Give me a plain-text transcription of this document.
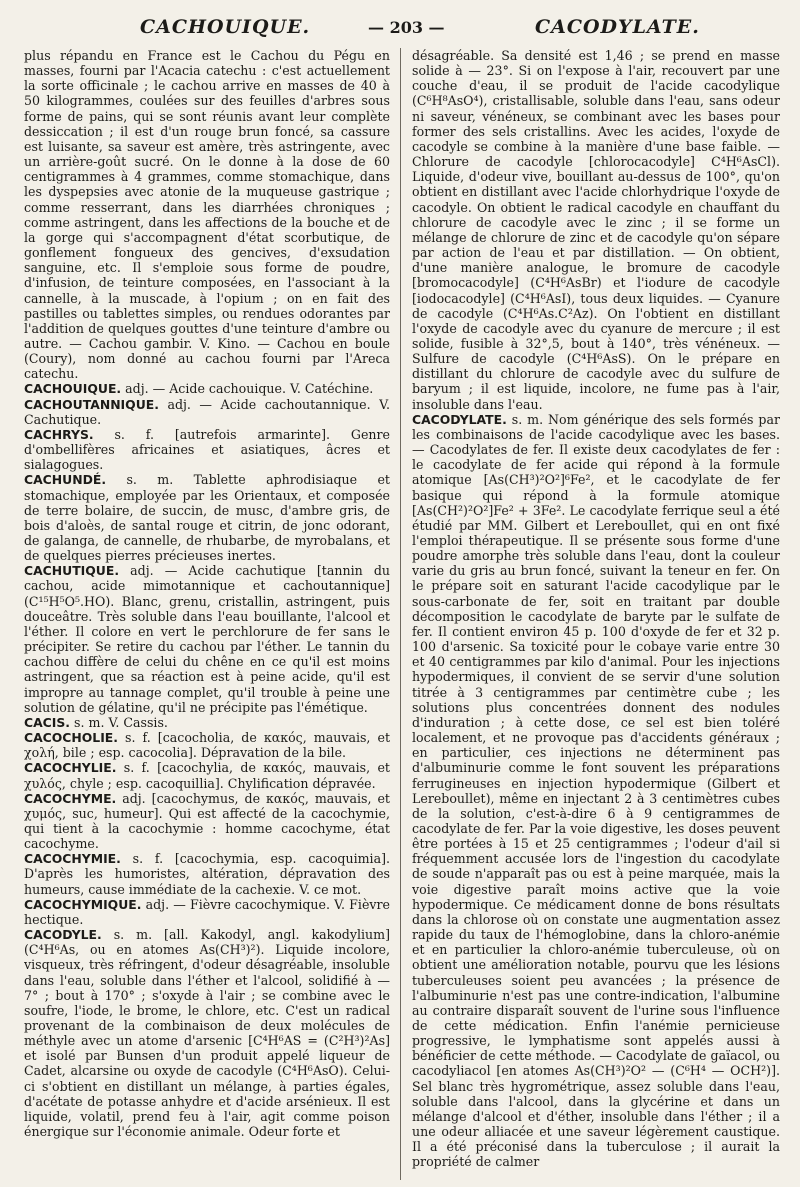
CACHOUIQUE.	— 203 —	CACODYLATE.

plus répandu en France est le Cachou du Pégu en masses, fourni par l'Acacia catechu : c'est actuellement la sorte officinale ; le cachou arrive en masses de 40 à 50 kilogrammes, coulées sur des feuilles d'arbres sous forme de pains, qui se sont réunis avant leur complète dessiccation ; il est d'un rouge brun foncé, sa cassure est luisante, sa saveur est amère, très astringente, avec un arrière-goût sucré. On le donne à la dose de 60 centigrammes à 4 grammes, comme stomachique, dans les dyspepsies avec atonie de la muqueuse gastrique ; comme resserrant, dans les diarrhées chroniques ; comme astringent, dans les affections de la bouche et de la gorge qui s'accompagnent d'état scorbutique, de gonflement fongueux des gencives, d'exsudation sanguine, etc. Il s'emploie sous forme de poudre, d'infusion, de teinture composées, en l'associant à la cannelle, à la muscade, à l'opium ; on en fait des pastilles ou tablettes simples, ou rendues odorantes par l'addition de quelques gouttes d'une teinture d'ambre ou autre. — Cachou gambir. V. Kino. — Cachou en boule (Coury), nom donné au cachou fourni par l'Areca catechu.

CACHOUIQUE. adj. — Acide cachouique. V. Catéchine.

CACHOUTANNIQUE. adj. — Acide cachoutannique. V. Cachutique.

CACHRYS. s. f. [autrefois armarinte]. Genre d'ombellifères africaines et asiatiques, âcres et sialagogues.

CACHUNDÉ. s. m. Tablette aphrodisiaque et stomachique, employée par les Orientaux, et composée de terre bolaire, de succin, de musc, d'ambre gris, de bois d'aloès, de santal rouge et citrin, de jonc odorant, de galanga, de cannelle, de rhubarbe, de myrobalans, et de quelques pierres précieuses inertes.

CACHUTIQUE. adj. — Acide cachutique [tannin du cachou, acide mimotannique et cachoutannique] (C¹⁵H⁵O⁵.HO). Blanc, grenu, cristallin, astringent, puis douceâtre. Très soluble dans l'eau bouillante, l'alcool et l'éther. Il colore en vert le perchlorure de fer sans le précipiter. Se retire du cachou par l'éther. Le tannin du cachou diffère de celui du chêne en ce qu'il est moins astringent, que sa réaction est à peine acide, qu'il est impropre au tannage complet, qu'il trouble à peine une solution de gélatine, qu'il ne précipite pas l'émétique.

CACIS. s. m. V. Cassis.

CACOCHOLIE. s. f. [cacocholia, de κακός, mauvais, et χολή, bile ; esp. cacocolia]. Dépravation de la bile.

CACOCHYLIE. s. f. [cacochylia, de κακός, mauvais, et χυλός, chyle ; esp. cacoquillia]. Chylification dépravée.

CACOCHYME. adj. [cacochymus, de κακός, mauvais, et χυμός, suc, humeur]. Qui est affecté de la cacochymie, qui tient à la cacochymie : homme cacochyme, état cacochyme.

CACOCHYMIE. s. f. [cacochymia, esp. cacoquimia]. D'après les humoristes, altération, dépravation des humeurs, cause immédiate de la cachexie. V. ce mot.

CACOCHYMIQUE. adj. — Fièvre cacochymique. V. Fièvre hectique.

CACODYLE. s. m. [all. Kakodyl, angl. kakodylium] (C⁴H⁶As, ou en atomes As(CH³)²). Liquide incolore, visqueux, très réfringent, d'odeur désagréable, insoluble dans l'eau, soluble dans l'éther et l'alcool, solidifié à — 7° ; bout à 170° ; s'oxyde à l'air ; se combine avec le soufre, l'iode, le brome, le chlore, etc. C'est un radical provenant de la combinaison de deux molécules de méthyle avec un atome d'arsenic [C⁴H⁶AS = (C²H³)²As] et isolé par Bunsen d'un produit appelé liqueur de Cadet, alcarsine ou oxyde de cacodyle (C⁴H⁶AsO). Celui-ci s'obtient en distillant un mélange, à parties égales, d'acétate de potasse anhydre et d'acide arsénieux. Il est liquide, volatil, prend feu à l'air, agit comme poison énergique sur l'économie animale. Odeur forte et

désagréable. Sa densité est 1,46 ; se prend en masse solide à — 23°. Si on l'expose à l'air, recouvert par une couche d'eau, il se produit de l'acide cacodylique (C⁶H⁸AsO⁴), cristallisable, soluble dans l'eau, sans odeur ni saveur, vénéneux, se combinant avec les bases pour former des sels cristallins. Avec les acides, l'oxyde de cacodyle se combine à la manière d'une base faible. — Chlorure de cacodyle [chlorocacodyle] C⁴H⁶AsCl). Liquide, d'odeur vive, bouillant au-dessus de 100°, qu'on obtient en distillant avec l'acide chlorhydrique l'oxyde de cacodyle. On obtient le radical cacodyle en chauffant du chlorure de cacodyle avec le zinc ; il se forme un mélange de chlorure de zinc et de cacodyle qu'on sépare par action de l'eau et par distillation. — On obtient, d'une manière analogue, le bromure de cacodyle [bromocacodyle] (C⁴H⁶AsBr) et l'iodure de cacodyle [iodocacodyle] (C⁴H⁶AsI), tous deux liquides. — Cyanure de cacodyle (C⁴H⁶As.C²Az). On l'obtient en distillant l'oxyde de cacodyle avec du cyanure de mercure ; il est solide, fusible à 32°,5, bout à 140°, très vénéneux. — Sulfure de cacodyle (C⁴H⁶AsS). On le prépare en distillant du chlorure de cacodyle avec du sulfure de baryum ; il est liquide, incolore, ne fume pas à l'air, insoluble dans l'eau.

CACODYLATE. s. m. Nom générique des sels formés par les combinaisons de l'acide cacodylique avec les bases. — Cacodylates de fer. Il existe deux cacodylates de fer : le cacodylate de fer acide qui répond à la formule atomique [As(CH³)²O²]⁶Fe², et le cacodylate de fer basique qui répond à la formule atomique [As(CH²)²O²]Fe² + 3Fe². Le cacodylate ferrique seul a été étudié par MM. Gilbert et Lereboullet, qui en ont fixé l'emploi thérapeutique. Il se présente sous forme d'une poudre amorphe très soluble dans l'eau, dont la couleur varie du gris au brun foncé, suivant la teneur en fer. On le prépare soit en saturant l'acide cacodylique par le sous-carbonate de fer, soit en traitant par double décomposition le cacodylate de baryte par le sulfate de fer. Il contient environ 45 p. 100 d'oxyde de fer et 32 p. 100 d'arsenic. Sa toxicité pour le cobaye varie entre 30 et 40 centigrammes par kilo d'animal. Pour les injections hypodermiques, il convient de se servir d'une solution titrée à 3 centigrammes par centimètre cube ; les solutions plus concentrées donnent des nodules d'induration ; à cette dose, ce sel est bien toléré localement, et ne provoque pas d'accidents généraux ; en particulier, ces injections ne déterminent pas d'albuminurie comme le font souvent les préparations ferrugineuses en injection hypodermique (Gilbert et Lereboullet), même en injectant 2 à 3 centimètres cubes de la solution, c'est-à-dire 6 à 9 centigrammes de cacodylate de fer. Par la voie digestive, les doses peuvent être portées à 15 et 25 centigrammes ; l'odeur d'ail si fréquemment accusée lors de l'ingestion du cacodylate de soude n'apparaît pas ou est à peine marquée, mais la voie digestive paraît moins active que la voie hypodermique. Ce médicament donne de bons résultats dans la chlorose où on constate une augmentation assez rapide du taux de l'hémoglobine, dans la chloro-anémie et en particulier la chloro-anémie tuberculeuse, où on obtient une amélioration notable, pourvu que les lésions tuberculeuses soient peu avancées ; la présence de l'albuminurie n'est pas une contre-indication, l'albumine au contraire disparaît souvent de l'urine sous l'influence de cette médication. Enfin l'anémie pernicieuse progressive, le lymphatisme sont appelés aussi à bénéficier de cette méthode. — Cacodylate de gaïacol, ou cacodyliacol [en atomes As(CH³)²O² — (C⁶H⁴ — OCH²)]. Sel blanc très hygrométrique, assez soluble dans l'eau, soluble dans l'alcool, dans la glycérine et dans un mélange d'alcool et d'éther, insoluble dans l'éther ; il a une odeur alliacée et une saveur légèrement caustique. Il a été préconisé dans la tuberculose ; il aurait la propriété de calmer
